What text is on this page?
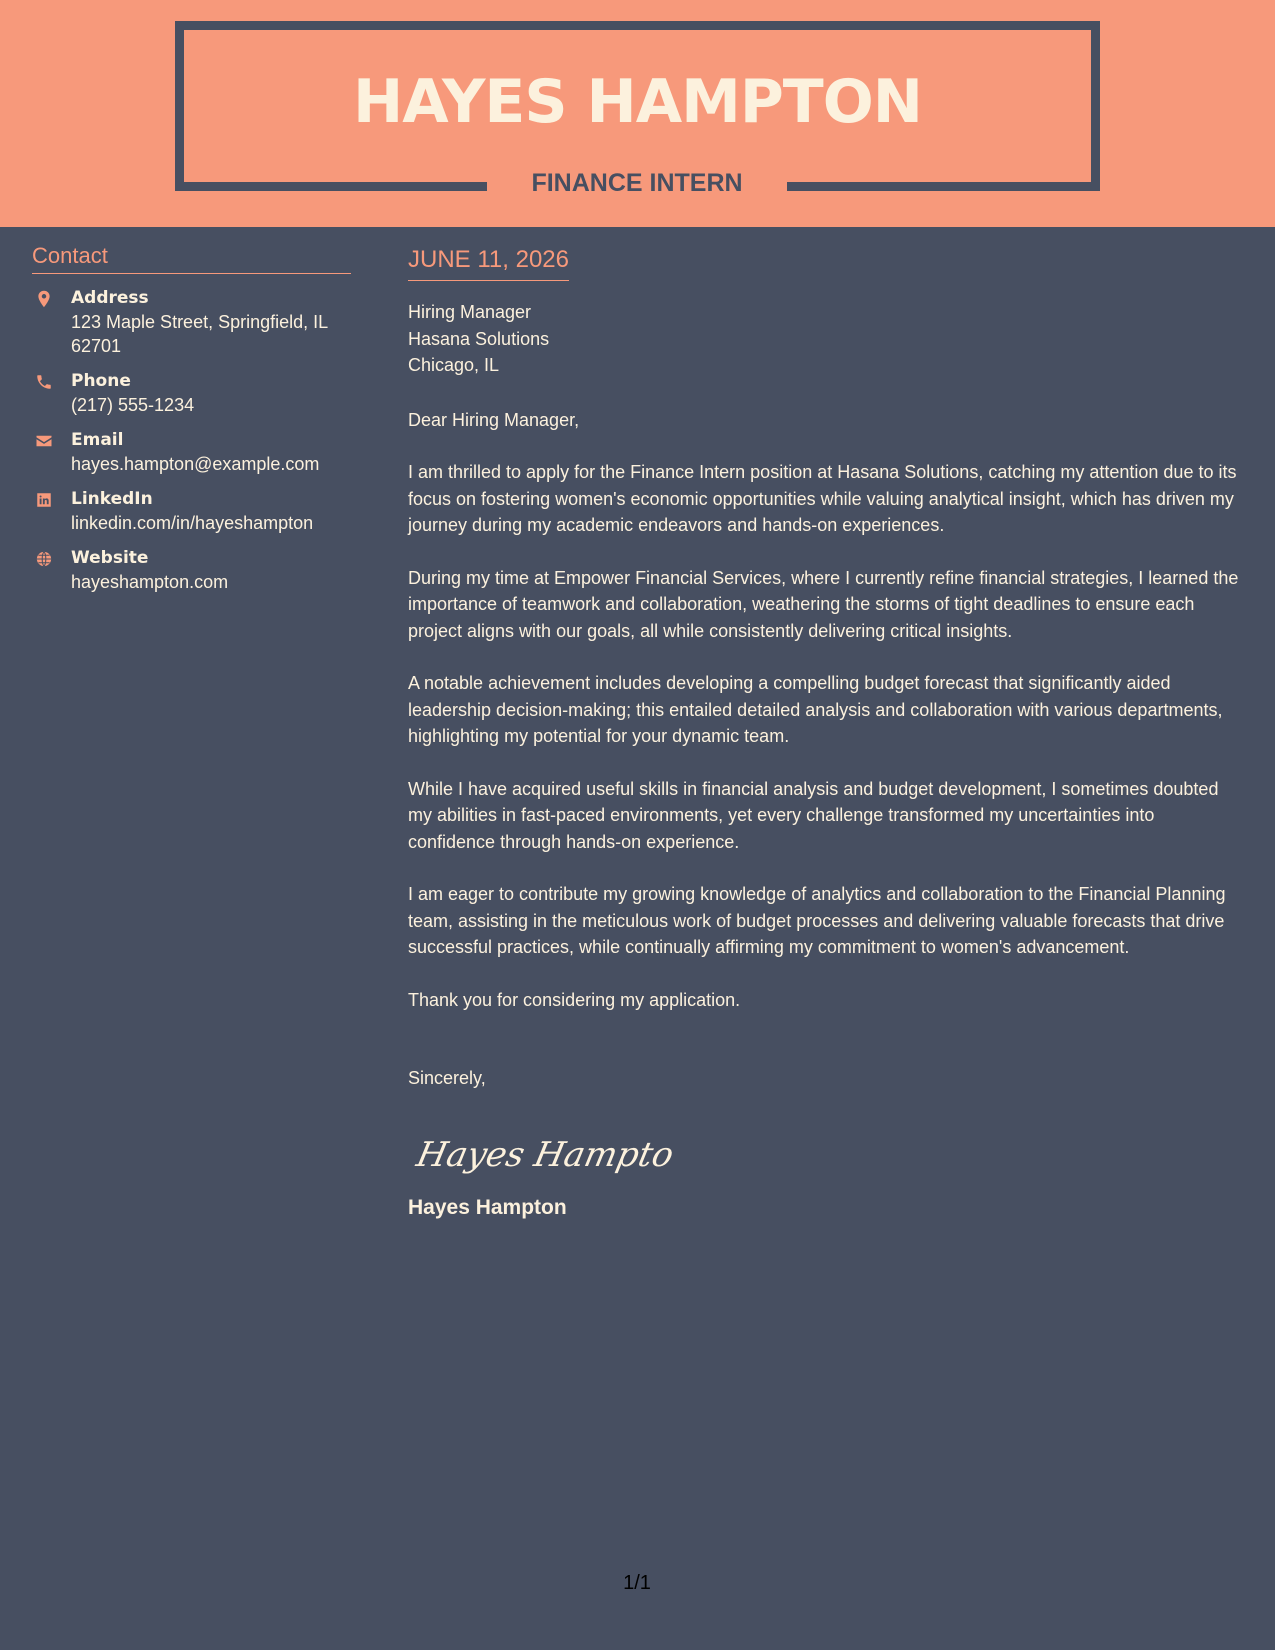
HAYES HAMPTON
FINANCE INTERN
Contact
Address
123 Maple Street, Springfield, IL 62701
Phone
(217) 555-1234
Email
hayes.hampton@example.com
LinkedIn
linkedin.com/in/hayeshampton
Website
hayeshampton.com
JUNE 11, 2026
Hiring Manager
Hasana Solutions
Chicago, IL

Dear Hiring Manager,

I am thrilled to apply for the Finance Intern position at Hasana Solutions, catching my attention due to its focus on fostering women's economic opportunities while valuing analytical insight, which has driven my journey during my academic endeavors and hands-on experiences.

During my time at Empower Financial Services, where I currently refine financial strategies, I learned the importance of teamwork and collaboration, weathering the storms of tight deadlines to ensure each project aligns with our goals, all while consistently delivering critical insights.

A notable achievement includes developing a compelling budget forecast that significantly aided leadership decision-making; this entailed detailed analysis and collaboration with various departments, highlighting my potential for your dynamic team.

While I have acquired useful skills in financial analysis and budget development, I sometimes doubted my abilities in fast-paced environments, yet every challenge transformed my uncertainties into confidence through hands-on experience.

I am eager to contribute my growing knowledge of analytics and collaboration to the Financial Planning team, assisting in the meticulous work of budget processes and delivering valuable forecasts that drive successful practices, while continually affirming my commitment to women's advancement.

Thank you for considering my application.

Sincerely,

Hayes Hampton
Hayes Hampton
1/1
